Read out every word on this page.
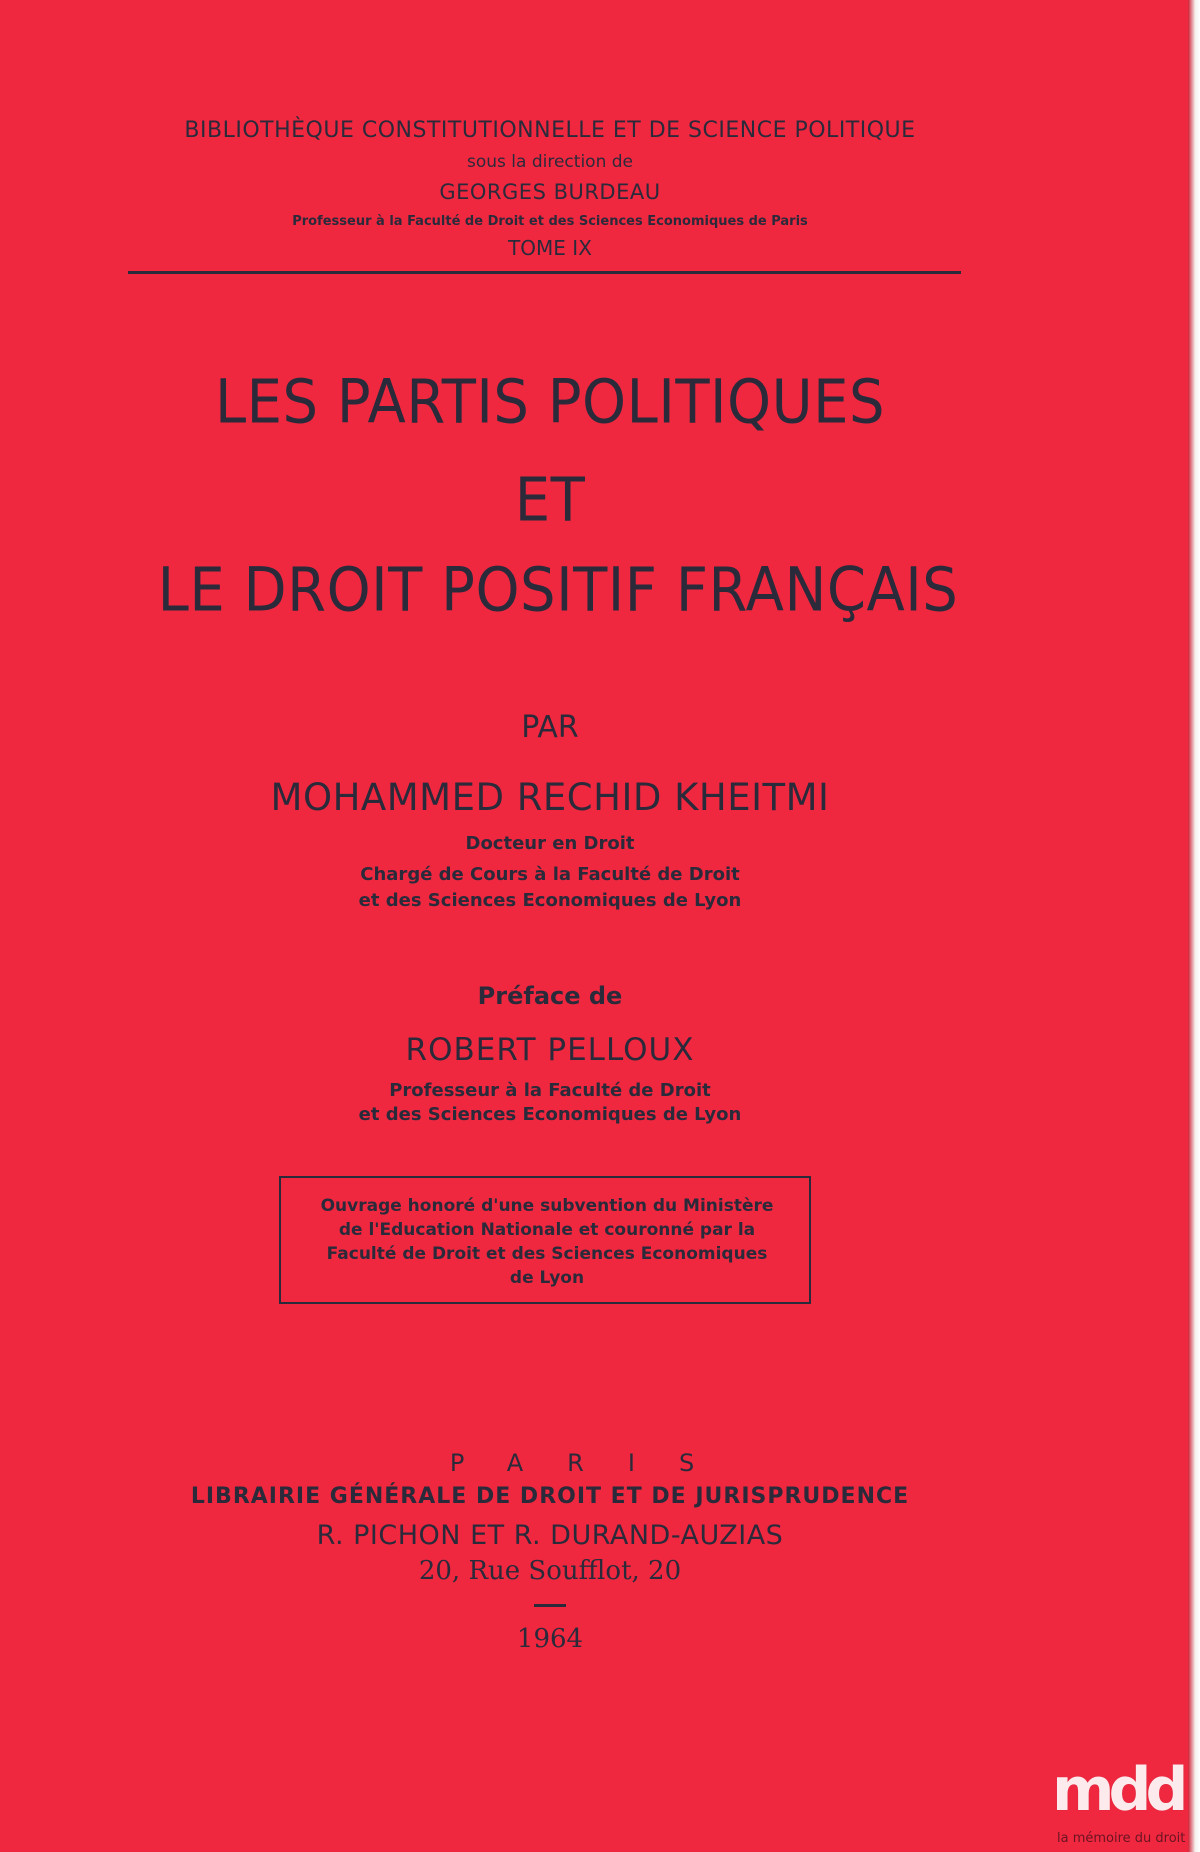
BIBLIOTHÈQUE CONSTITUTIONNELLE ET DE SCIENCE POLITIQUE
sous la direction de
GEORGES BURDEAU
Professeur à la Faculté de Droit et des Sciences Economiques de Paris
TOME IX
LES PARTIS POLITIQUES
ET
LE DROIT POSITIF FRANÇAIS
PAR
MOHAMMED RECHID KHEITMI
Docteur en Droit
Chargé de Cours à la Faculté de Droit
et des Sciences Economiques de Lyon
Préface de
ROBERT PELLOUX
Professeur à la Faculté de Droit
et des Sciences Economiques de Lyon
Ouvrage honoré d'une subvention du Ministère
de l'Education Nationale et couronné par la
Faculté de Droit et des Sciences Economiques
de Lyon
PARIS
LIBRAIRIE GÉNÉRALE DE DROIT ET DE JURISPRUDENCE
R. PICHON ET R. DURAND-AUZIAS
20, Rue Soufflot, 20
1964
mdd
la mémoire du droit
